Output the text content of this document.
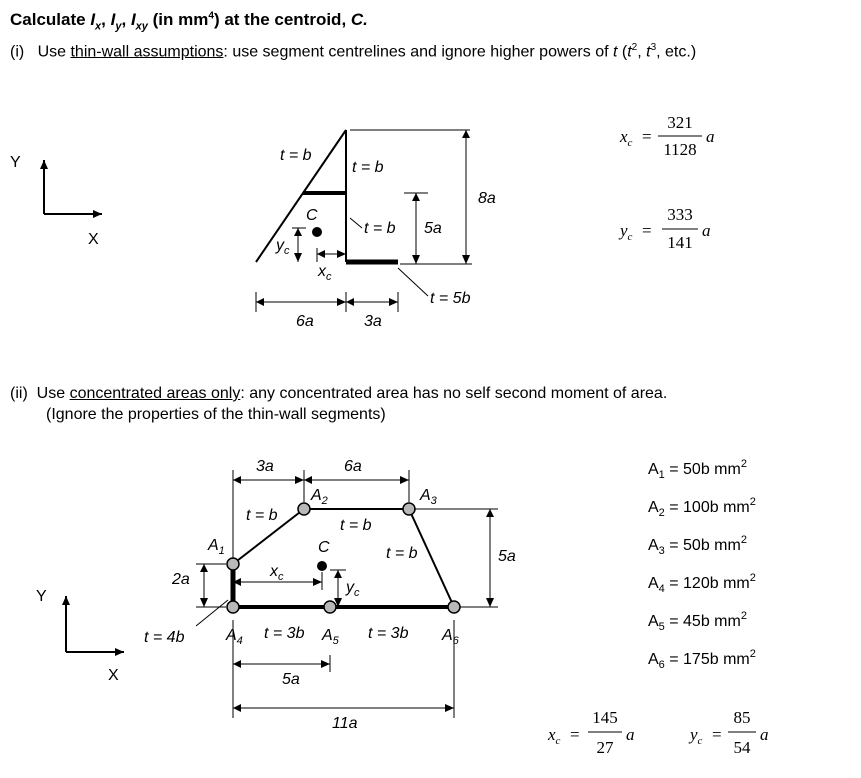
Calculate $I_x$, $I_y$, $I_{xy}$ (in $mm^4$) at the centroid, C.
(i) Use thin-wall assumptions: use segment centrelines and ignore higher powers of t ($t^2$, $t^3$, etc.)
(ii) Use concentrated areas only: any concentrated area has no self second moment of area.
(Ignore the properties of the thin-wall segments)
Y
X
t = b
t = b
t = b
t = 5b
C
$y_c$
$x_c$
8a
5a
6a	3a
$x_c$ =
321
1128
a
$y_c$ =
333
141
a
Y
X
3a	6a
$A_2$	$A_3$
$A_1$
$A_4$	$A_5$	$A_6$
t = b
t = b
t = b
C
$x_c$
$y_c$
2a
5a
t = 4b	t = 3b	t = 3b
5a
11a
$A_1 = 50b$ $mm^2$
$A_2 = 100b$ $mm^2$
$A_3 = 50b$ $mm^2$
$A_4 = 120b$ $mm^2$
$A_5 = 45b$ $mm^2$
$A_6 = 175b$ $mm^2$
$x_c$ =
145
27
a	$y_c$ =
85
54
a
